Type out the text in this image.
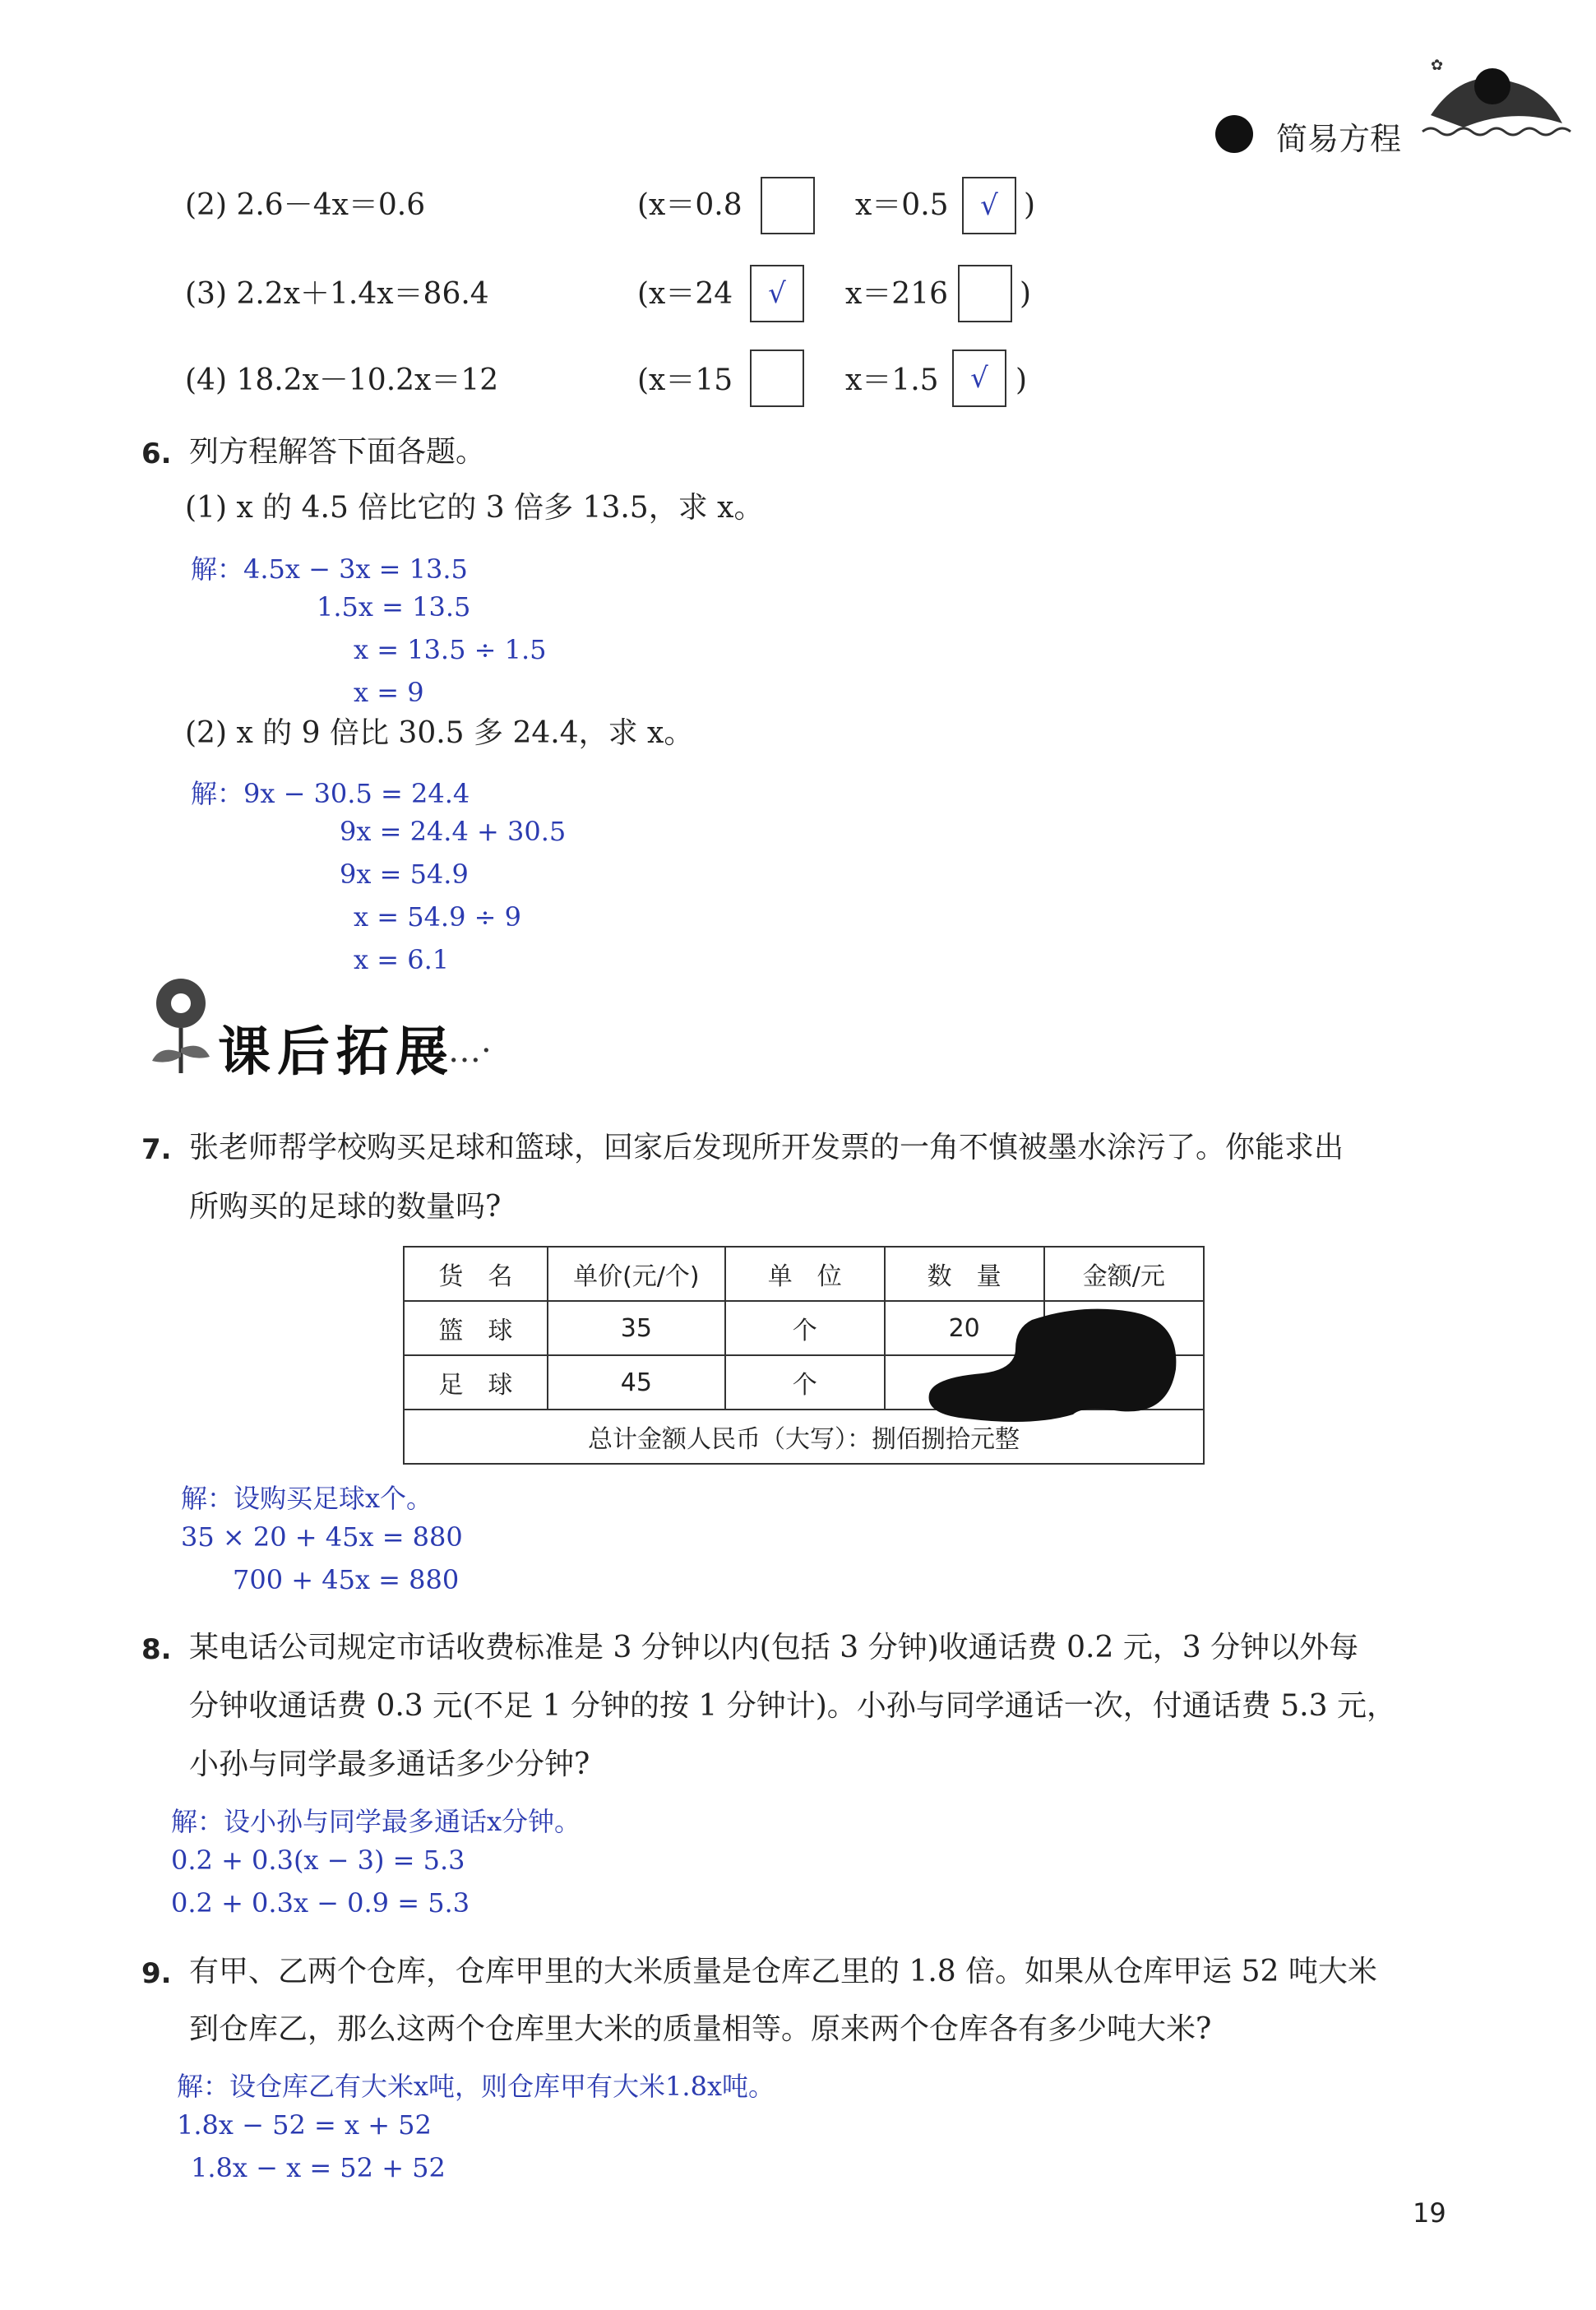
简易方程
✿
(2) 2.6－4x＝0.6	(x＝0.8	x＝0.5	√ )
(3) 2.2x＋1.4x＝86.4	(x＝24	√	x＝216 )
(4) 18.2x－10.2x＝12	(x＝15	x＝1.5	√ )
6. 列方程解答下面各题。
(1) x 的 4.5 倍比它的 3 倍多 13.5，求 x。
解：4.5x − 3x = 13.5
1.5x = 13.5
x = 13.5 ÷ 1.5
x = 9
(2) x 的 9 倍比 30.5 多 24.4，求 x。
解：9x − 30.5 = 24.4
9x = 24.4 + 30.5
9x = 54.9
x = 54.9 ÷ 9
x = 6.1
课后拓展
…·
7. 张老师帮学校购买足球和篮球，回家后发现所开发票的一角不慎被墨水涂污了。你能求出
所购买的足球的数量吗?
货　名	单价(元/个)	单　位	数　量	金额/元
篮　球	35	个	20	
足　球	45	个		
总计金额人民币（大写）：捌佰捌拾元整				
解：设购买足球x个。
35 × 20 + 45x = 880
700 + 45x = 880
8. 某电话公司规定市话收费标准是 3 分钟以内(包括 3 分钟)收通话费 0.2 元，3 分钟以外每
分钟收通话费 0.3 元(不足 1 分钟的按 1 分钟计)。小孙与同学通话一次，付通话费 5.3 元，
小孙与同学最多通话多少分钟?
解：设小孙与同学最多通话x分钟。
0.2 + 0.3(x − 3) = 5.3
0.2 + 0.3x − 0.9 = 5.3
9. 有甲、乙两个仓库，仓库甲里的大米质量是仓库乙里的 1.8 倍。如果从仓库甲运 52 吨大米
到仓库乙，那么这两个仓库里大米的质量相等。原来两个仓库各有多少吨大米?
解：设仓库乙有大米x吨，则仓库甲有大米1.8x吨。
1.8x − 52 = x + 52
1.8x − x = 52 + 52
19
